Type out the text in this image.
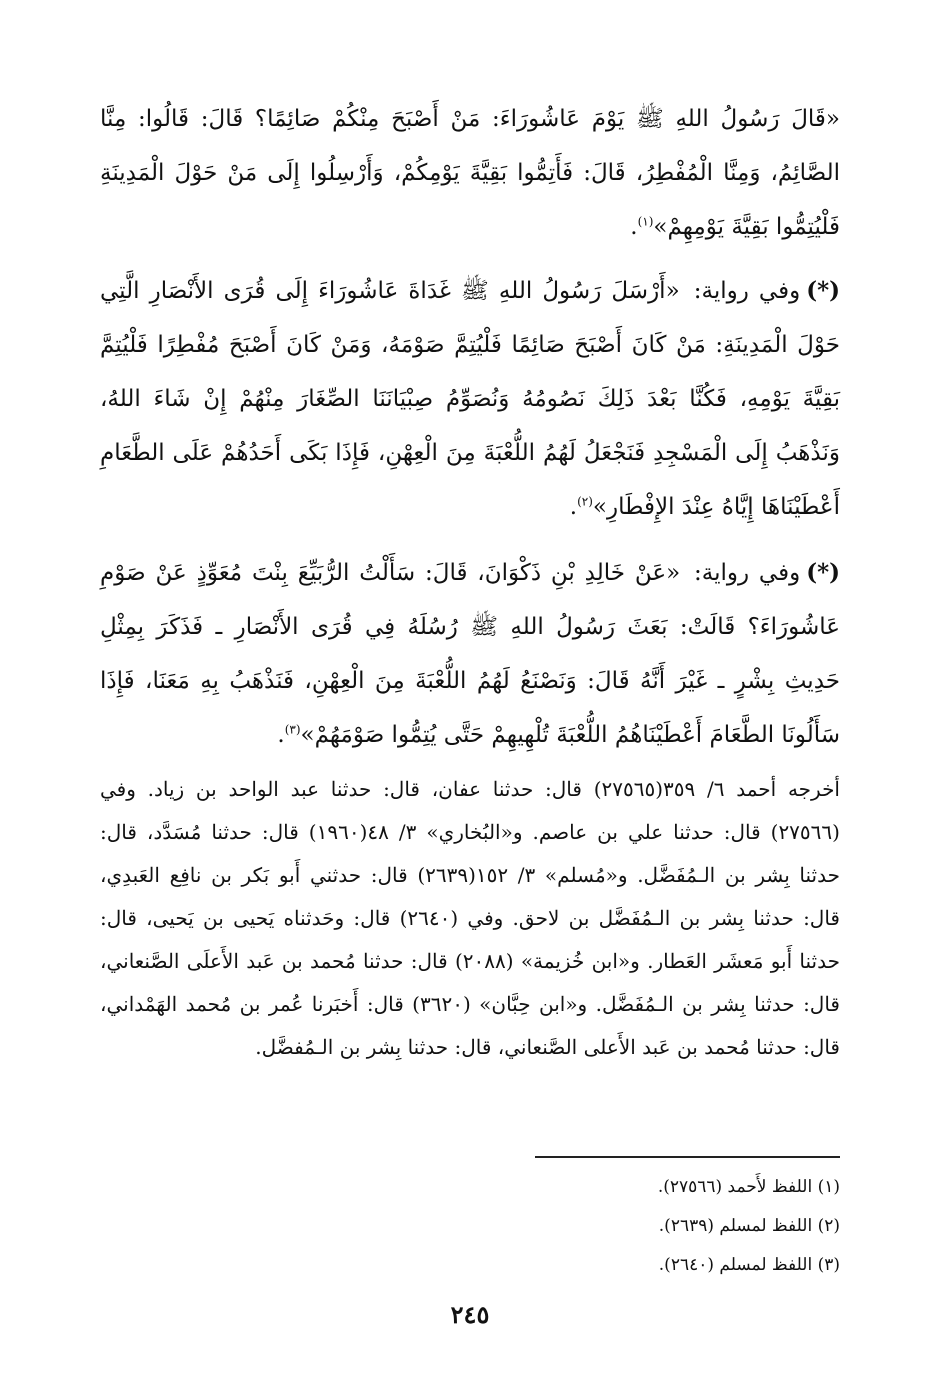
«قَالَ رَسُولُ اللهِ ﷺ يَوْمَ عَاشُورَاءَ: مَنْ أَصْبَحَ مِنْكُمْ صَائِمًا؟ قَالَ: قَالُوا: مِنَّا الصَّائِمُ، وَمِنَّا الْمُفْطِرُ، قَالَ: فَأَتِمُّوا بَقِيَّةَ يَوْمِكُمْ، وَأَرْسِلُوا إِلَى مَنْ حَوْلَ الْمَدِينَةِ فَلْيُتِمُّوا بَقِيَّةَ يَوْمِهِمْ»$^{(١)}$.

(*)وفي رواية: «أَرْسَلَ رَسُولُ اللهِ ﷺ غَدَاةَ عَاشُورَاءَ إِلَى قُرَى الأَنْصَارِ الَّتِي حَوْلَ الْمَدِينَةِ: مَنْ كَانَ أَصْبَحَ صَائِمًا فَلْيُتِمَّ صَوْمَهُ، وَمَنْ كَانَ أَصْبَحَ مُفْطِرًا فَلْيُتِمَّ بَقِيَّةَ يَوْمِهِ، فَكُنَّا بَعْدَ ذَلِكَ نَصُومُهُ وَنُصَوِّمُ صِبْيَانَنَا الصِّغَارَ مِنْهُمْ إِنْ شَاءَ اللهُ، وَنَذْهَبُ إِلَى الْمَسْجِدِ فَنَجْعَلُ لَهُمُ اللُّعْبَةَ مِنَ الْعِهْنِ، فَإِذَا بَكَى أَحَدُهُمْ عَلَى الطَّعَامِ أَعْطَيْنَاهَا إِيَّاهُ عِنْدَ الإِفْطَارِ»$^{(٢)}$.

(*)وفي رواية: «عَنْ خَالِدِ بْنِ ذَكْوَانَ، قَالَ: سَأَلْتُ الرُّبَيِّعَ بِنْتَ مُعَوِّذٍ عَنْ صَوْمِ عَاشُورَاءَ؟ قَالَتْ: بَعَثَ رَسُولُ اللهِ ﷺ رُسُلَهُ فِي قُرَى الأَنْصَارِ ـ فَذَكَرَ بِمِثْلِ حَدِيثِ بِشْرٍ ـ غَيْرَ أَنَّهُ قَالَ: وَنَصْنَعُ لَهُمُ اللُّعْبَةَ مِنَ الْعِهْنِ، فَنَذْهَبُ بِهِ مَعَنَا، فَإِذَا سَأَلُونَا الطَّعَامَ أَعْطَيْنَاهُمُ اللُّعْبَةَ تُلْهِيهِمْ حَتَّى يُتِمُّوا صَوْمَهُمْ»$^{(٣)}$.

أخرجه أحمد ٦/ ٣٥٩(٢٧٥٦٥) قال: حدثنا عفان، قال: حدثنا عبد الواحد بن زياد. وفي (٢٧٥٦٦) قال: حدثنا علي بن عاصم. و«البُخاري» ٣/ ٤٨(١٩٦٠) قال: حدثنا مُسَدَّد، قال: حدثنا بِشر بن الـمُفَضَّل. و«مُسلم» ٣/ ١٥٢(٢٦٣٩) قال: حدثني أَبو بَكر بن نافِع العَبدِي، قال: حدثنا بِشر بن الـمُفَضَّل بن لاحق. وفي (٢٦٤٠) قال: وحَدثناه يَحيى بن يَحيى، قال: حدثنا أَبو مَعشَر العَطار. و«ابن خُزيمة» (٢٠٨٨) قال: حدثنا مُحمد بن عَبد الأَعلَى الصَّنعاني، قال: حدثنا بِشر بن الـمُفَضَّل. و«ابن حِبَّان» (٣٦٢٠) قال: أَخبَرنا عُمر بن مُحمد الهَمْداني، قال: حدثنا مُحمد بن عَبد الأَعلى الصَّنعاني، قال: حدثنا بِشر بن الـمُفضَّل.

(١) اللفظ لأَحمد (٢٧٥٦٦).

(٢) اللفظ لمسلم (٢٦٣٩).

(٣) اللفظ لمسلم (٢٦٤٠).

٢٤٥
